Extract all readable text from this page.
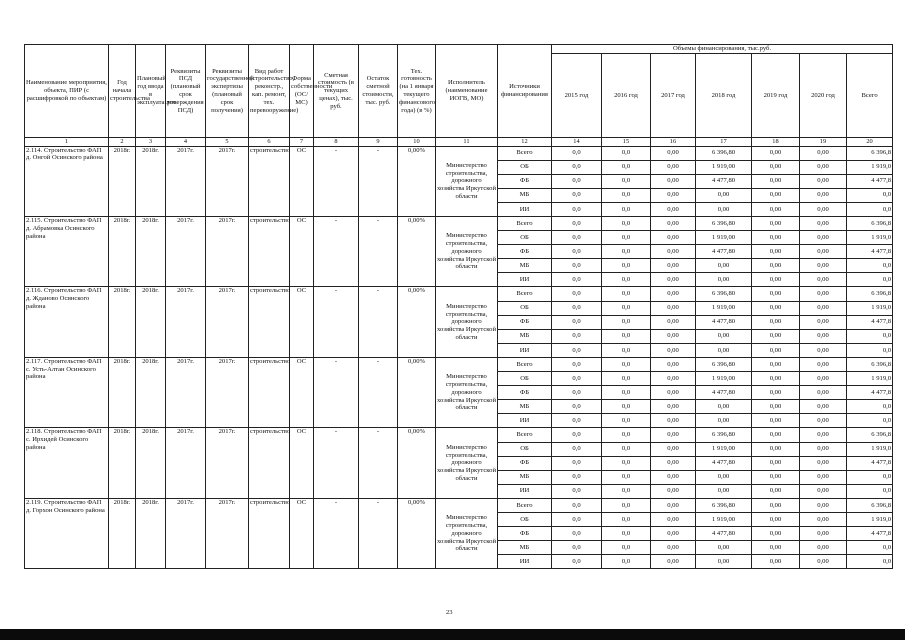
Наименование мероприятия, объекта, ПИР (с расшифровкой по объектам)	Год начала строительства	Плановый год ввода в эксплуатацию	Реквизиты ПСД (плановый срок утверждения ПСД)	Реквизиты государственной экспертизы (плановый срок получения)	Вид работ (строительство, реконстр., кап. ремонт, тех. перевооружение)	Форма собственности (ОС/МС)	Сметная стоимость (в текущих ценах), тыс. руб.	Остаток сметной стоимости, тыс. руб.	Тех. готовность (на 1 января текущего финансового года) (в %)	Исполнитель (наименование ИОГВ, МО)	Источники финансирования	Объемы финансирования, тыс.руб.						
												2015 год	2016 год	2017 год	2018 год	2019 год	2020 год	Всего
1	2	3	4	5	6	7	8	9	10	11	12	14	15	16	17	18	19	20
2.114. Строительство ФАП д. Онгой Осинского района	2018г.	2018г.	2017г.	2017г.	строительство	ОС	-	-	0,00%	Министерство строительства, дорожного хозяйства Иркутской области	Всего	0,0	0,0	0,00	6 396,80	0,00	0,00	6 396,8
											ОБ	0,0	0,0	0,00	1 919,00	0,00	0,00	1 919,0
											ФБ	0,0	0,0	0,00	4 477,80	0,00	0,00	4 477,8
											МБ	0,0	0,0	0,00	0,00	0,00	0,00	0,0
											ИИ	0,0	0,0	0,00	0,00	0,00	0,00	0,0
2.115. Строительство ФАП д. Абрамовка Осинского района	2018г.	2018г.	2017г.	2017г.	строительство	ОС	-	-	0,00%	Министерство строительства, дорожного хозяйства Иркутской области	Всего	0,0	0,0	0,00	6 396,80	0,00	0,00	6 396,8
											ОБ	0,0	0,0	0,00	1 919,00	0,00	0,00	1 919,0
											ФБ	0,0	0,0	0,00	4 477,80	0,00	0,00	4 477,8
											МБ	0,0	0,0	0,00	0,00	0,00	0,00	0,0
											ИИ	0,0	0,0	0,00	0,00	0,00	0,00	0,0
2.116. Строительство ФАП д. Жданово Осинского района	2018г.	2018г.	2017г.	2017г.	строительство	ОС	-	-	0,00%	Министерство строительства, дорожного хозяйства Иркутской области	Всего	0,0	0,0	0,00	6 396,80	0,00	0,00	6 396,8
											ОБ	0,0	0,0	0,00	1 919,00	0,00	0,00	1 919,0
											ФБ	0,0	0,0	0,00	4 477,80	0,00	0,00	4 477,8
											МБ	0,0	0,0	0,00	0,00	0,00	0,00	0,0
											ИИ	0,0	0,0	0,00	0,00	0,00	0,00	0,0
2.117. Строительство ФАП с. Усть-Алтан Осинского района	2018г.	2018г.	2017г.	2017г.	строительство	ОС	-	-	0,00%	Министерство строительства, дорожного хозяйства Иркутской области	Всего	0,0	0,0	0,00	6 396,80	0,00	0,00	6 396,8
											ОБ	0,0	0,0	0,00	1 919,00	0,00	0,00	1 919,0
											ФБ	0,0	0,0	0,00	4 477,80	0,00	0,00	4 477,8
											МБ	0,0	0,0	0,00	0,00	0,00	0,00	0,0
											ИИ	0,0	0,0	0,00	0,00	0,00	0,00	0,0
2.118. Строительство ФАП с. Ирхидей Осинского района	2018г.	2018г.	2017г.	2017г.	строительство	ОС	-	-	0,00%	Министерство строительства, дорожного хозяйства Иркутской области	Всего	0,0	0,0	0,00	6 396,80	0,00	0,00	6 396,8
											ОБ	0,0	0,0	0,00	1 919,00	0,00	0,00	1 919,0
											ФБ	0,0	0,0	0,00	4 477,80	0,00	0,00	4 477,8
											МБ	0,0	0,0	0,00	0,00	0,00	0,00	0,0
											ИИ	0,0	0,0	0,00	0,00	0,00	0,00	0,0
2.119. Строительство ФАП д. Горхон Осинского района	2018г.	2018г.	2017г.	2017г.	строительство	ОС	-	-	0,00%	Министерство строительства, дорожного хозяйства Иркутской области	Всего	0,0	0,0	0,00	6 396,80	0,00	0,00	6 396,8
											ОБ	0,0	0,0	0,00	1 919,00	0,00	0,00	1 919,0
											ФБ	0,0	0,0	0,00	4 477,80	0,00	0,00	4 477,8
											МБ	0,0	0,0	0,00	0,00	0,00	0,00	0,0
											ИИ	0,0	0,0	0,00	0,00	0,00	0,00	0,0
23
